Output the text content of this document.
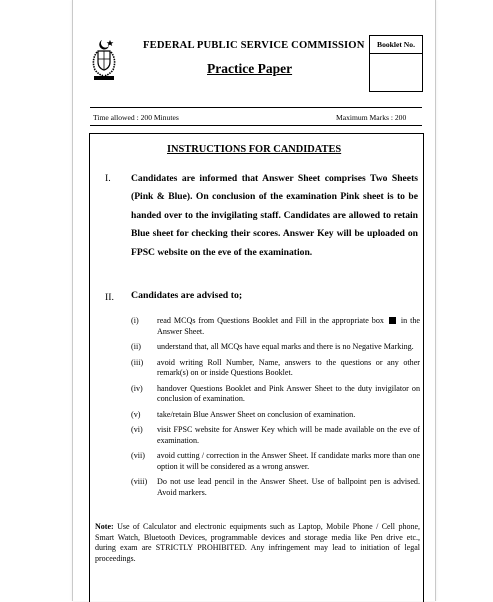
FEDERAL PUBLIC SERVICE COMMISSION	Booklet No.
Practice Paper
Time allowed : 200 Minutes	Maximum Marks : 200
INSTRUCTIONS FOR CANDIDATES
I. Candidates are informed that Answer Sheet comprises Two Sheets (Pink & Blue). On conclusion of the examination Pink sheet is to be handed over to the invigilating staff. Candidates are allowed to retain Blue sheet for checking their scores. Answer Key will be uploaded on FPSC website on the eve of the examination.
II. Candidates are advised to;
(i)	read MCQs from Questions Booklet and Fill in the appropriate box in the Answer Sheet.
(ii)	understand that, all MCQs have equal marks and there is no Negative Marking.
(iii)	avoid writing Roll Number, Name, answers to the questions or any other remark(s) on or inside Questions Booklet.
(iv)	handover Questions Booklet and Pink Answer Sheet to the duty invigilator on conclusion of examination.
(v)	take/retain Blue Answer Sheet on conclusion of examination.
(vi)	visit FPSC website for Answer Key which will be made available on the eve of examination.
(vii)	avoid cutting / correction in the Answer Sheet. If candidate marks more than one option it will be considered as a wrong answer.
(viii)	Do not use lead pencil in the Answer Sheet. Use of ballpoint pen is advised. Avoid markers.
Note: Use of Calculator and electronic equipments such as Laptop, Mobile Phone / Cell phone, Smart Watch, Bluetooth Devices, programmable devices and storage media like Pen drive etc., during exam are STRICTLY PROHIBITED. Any infringement may lead to initiation of legal proceedings.
